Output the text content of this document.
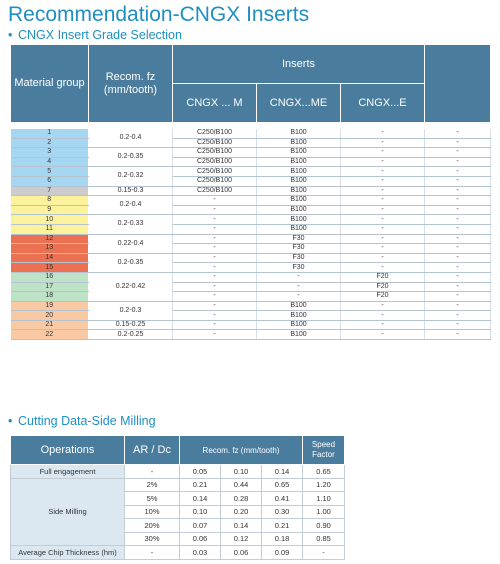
Recommendation-CNGX Inserts
• CNGX Insert Grade Selection
Material group	Recom. fz (mm/tooth)	Inserts			
		CNGX ... M	CNGX...ME	CNGX...E	

1	0.2-0.4	C250/B100	B100	-	-
2		C250/B100	B100	-	-
3	0.2-0.35	C250/B100	B100	-	-
4		C250/B100	B100	-	-
5	0.2-0.32	C250/B100	B100	-	-
6		C250/B100	B100	-	-
7	0.15-0.3	C250/B100	B100	-	-
8	0.2-0.4	-	B100	-	-
9		-	B100	-	-
10	0.2-0.33	-	B100	-	-
11		-	B100	-	-
12	0.22-0.4	-	F30	-	-
13		-	F30	-	-
14	0.2-0.35	-	F30	-	-
15		-	F30	-	-
16	0.22-0.42	-	-	F20	-
17		-	-	F20	-
18		-	-	F20	-
19	0.2-0.3	-	B100	-	-
20		-	B100	-	-
21	0.15-0.25	-	B100	-	-
22	0.2-0.25	-	B100	-	-
• Cutting Data-Side Milling
Operations	AR / Dc	Recom. fz (mm/tooth)			Speed Factor
Full engagement	-	0.05	0.10	0.14	0.65
Side Milling	2%	0.21	0.44	0.65	1.20
	5%	0.14	0.28	0.41	1.10
	10%	0.10	0.20	0.30	1.00
	20%	0.07	0.14	0.21	0.90
	30%	0.06	0.12	0.18	0.85
Average Chip Thickness (hm)	-	0.03	0.06	0.09	-
